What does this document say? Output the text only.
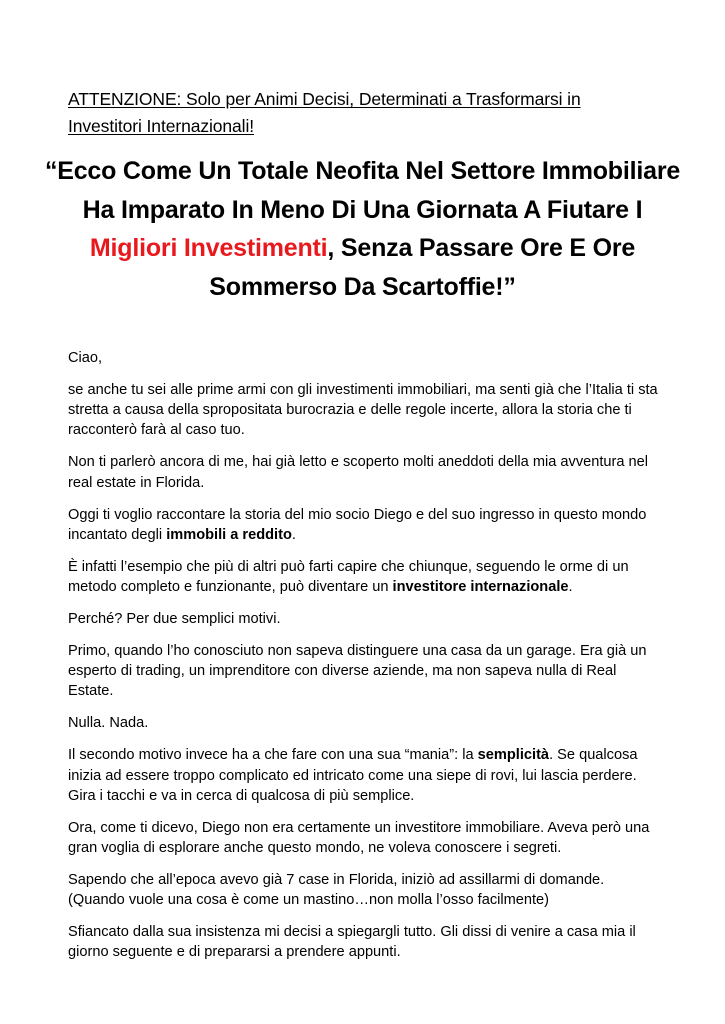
ATTENZIONE: Solo per Animi Decisi, Determinati a Trasformarsi in Investitori Internazionali!
“Ecco Come Un Totale Neofita Nel Settore Immobiliare Ha Imparato In Meno Di Una Giornata A Fiutare I Migliori Investimenti, Senza Passare Ore E Ore Sommerso Da Scartoffie!”

Ciao,

se anche tu sei alle prime armi con gli investimenti immobiliari, ma senti già che l’Italia ti sta stretta a causa della spropositata burocrazia e delle regole incerte, allora la storia che ti racconterò farà al caso tuo.

Non ti parlerò ancora di me, hai già letto e scoperto molti aneddoti della mia avventura nel real estate in Florida.

Oggi ti voglio raccontare la storia del mio socio Diego e del suo ingresso in questo mondo incantato degli immobili a reddito.

È infatti l’esempio che più di altri può farti capire che chiunque, seguendo le orme di un metodo completo e funzionante, può diventare un investitore internazionale.

Perché? Per due semplici motivi.

Primo, quando l’ho conosciuto non sapeva distinguere una casa da un garage. Era già un esperto di trading, un imprenditore con diverse aziende, ma non sapeva nulla di Real Estate.

Nulla. Nada.

Il secondo motivo invece ha a che fare con una sua “mania”: la semplicità. Se qualcosa inizia ad essere troppo complicato ed intricato come una siepe di rovi, lui lascia perdere. Gira i tacchi e va in cerca di qualcosa di più semplice.

Ora, come ti dicevo, Diego non era certamente un investitore immobiliare. Aveva però una gran voglia di esplorare anche questo mondo, ne voleva conoscere i segreti.

Sapendo che all’epoca avevo già 7 case in Florida, iniziò ad assillarmi di domande. (Quando vuole una cosa è come un mastino…non molla l’osso facilmente)

Sfiancato dalla sua insistenza mi decisi a spiegargli tutto. Gli dissi di venire a casa mia il giorno seguente e di prepararsi a prendere appunti.
